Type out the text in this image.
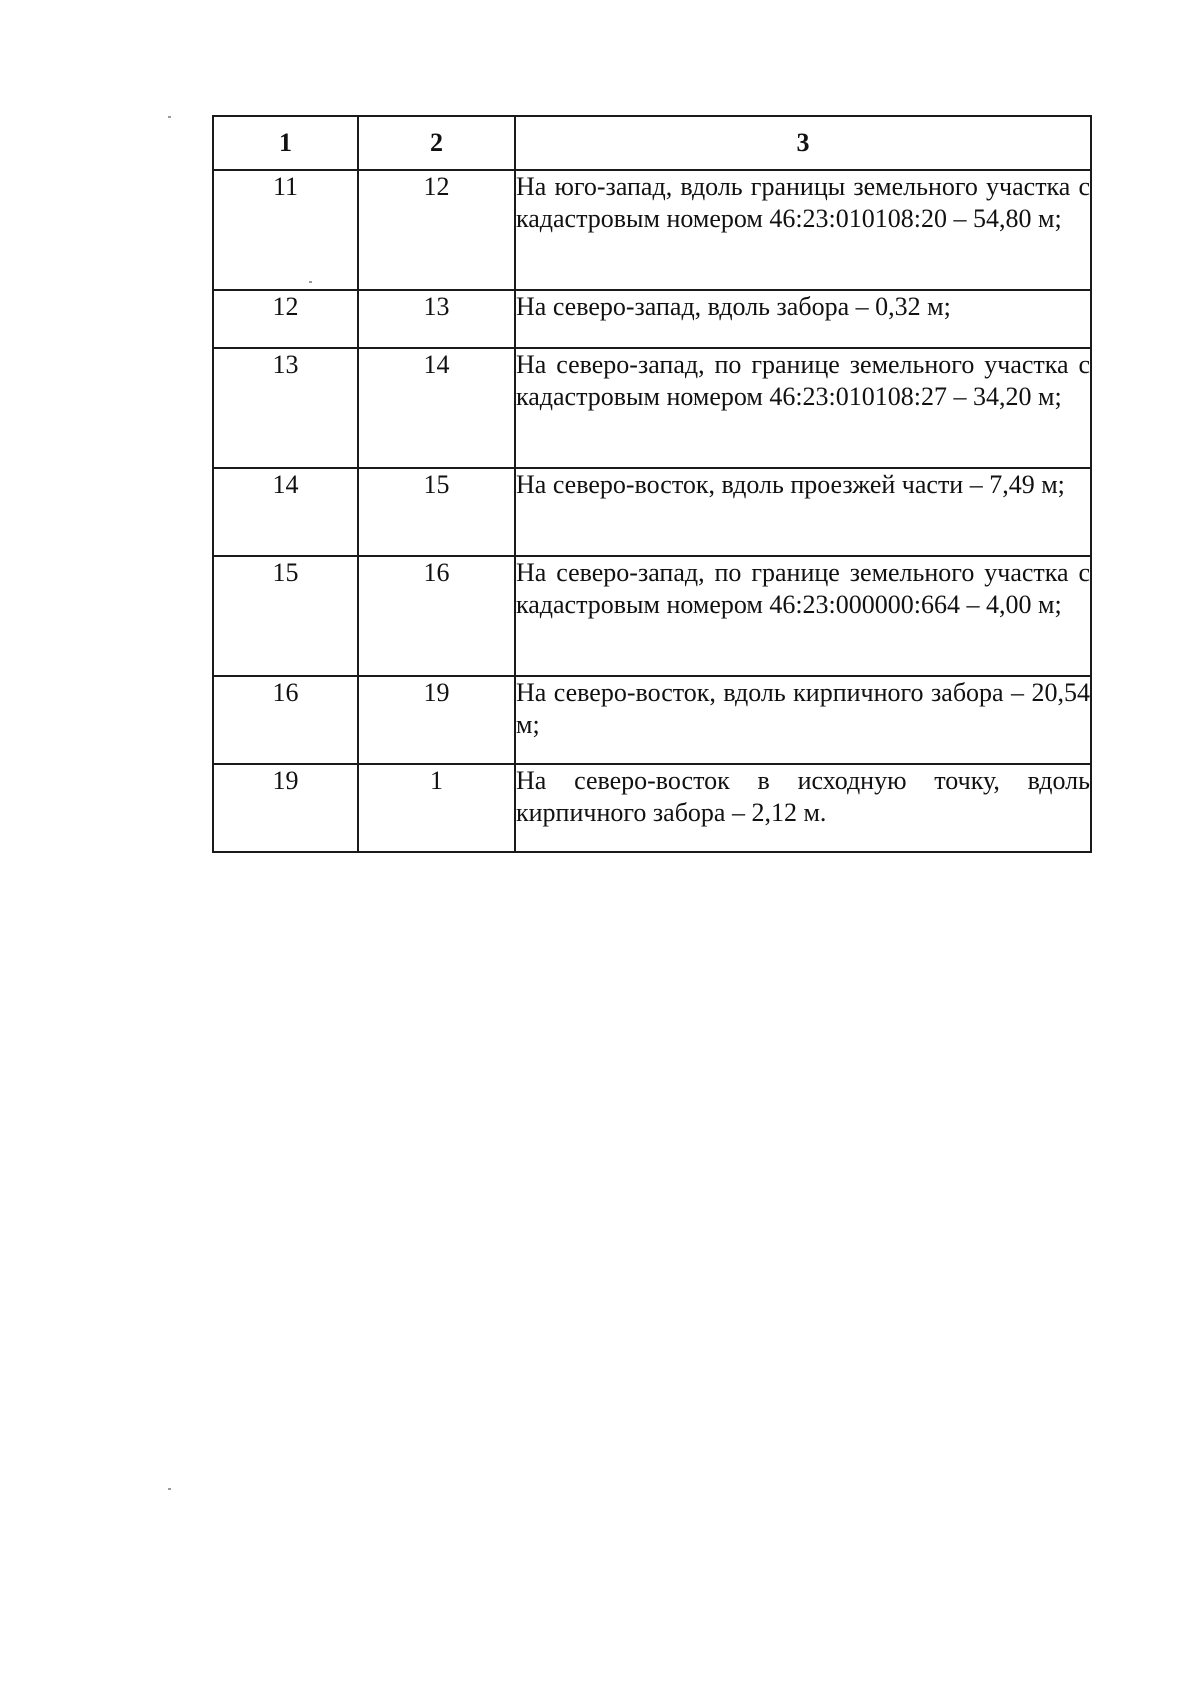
1	2	3
11	12	На юго-запад, вдоль границы земельного участка с кадастровым номером 46:23:010108:20 – 54,80 м;
12	13	На северо-запад, вдоль забора – 0,32 м;
13	14	На северо-запад, по границе земельного участка с кадастровым номером 46:23:010108:27 – 34,20 м;
14	15	На северо-восток, вдоль проезжей части – 7,49 м;
15	16	На северо-запад, по границе земельного участка с кадастровым номером 46:23:000000:664 – 4,00 м;
16	19	На северо-восток, вдоль кирпичного забора – 20,54 м;
19	1	На северо-восток в исходную точку, вдоль кирпичного забора – 2,12 м.
